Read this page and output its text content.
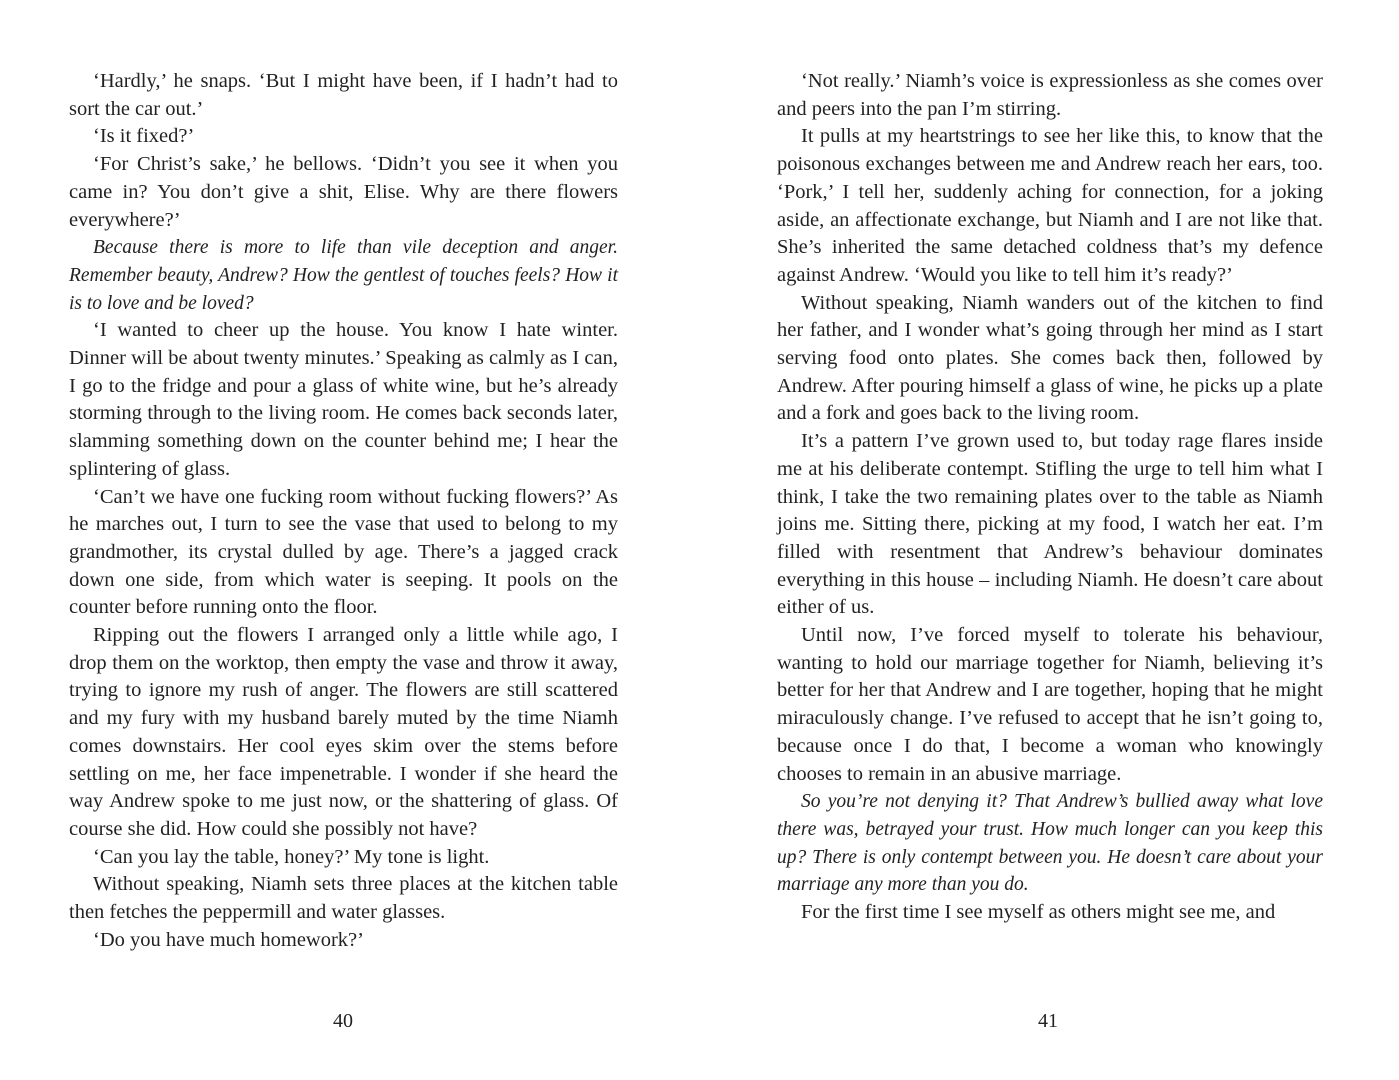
‘Hardly,’ he snaps. ‘But I might have been, if I hadn’t had to sort the car out.’

‘Is it fixed?’

‘For Christ’s sake,’ he bellows. ‘Didn’t you see it when you came in? You don’t give a shit, Elise. Why are there flowers everywhere?’

Because there is more to life than vile deception and anger. Remember beauty, Andrew? How the gentlest of touches feels? How it is to love and be loved?

‘I wanted to cheer up the house. You know I hate winter. Dinner will be about twenty minutes.’ Speaking as calmly as I can, I go to the fridge and pour a glass of white wine, but he’s already storming through to the living room. He comes back seconds later, slamming something down on the counter behind me; I hear the splintering of glass.

‘Can’t we have one fucking room without fucking flowers?’ As he marches out, I turn to see the vase that used to belong to my grandmother, its crystal dulled by age. There’s a jagged crack down one side, from which water is seeping. It pools on the counter before running onto the floor.

Ripping out the flowers I arranged only a little while ago, I drop them on the worktop, then empty the vase and throw it away, trying to ignore my rush of anger. The flowers are still scattered and my fury with my husband barely muted by the time Niamh comes downstairs. Her cool eyes skim over the stems before settling on me, her face impenetrable. I wonder if she heard the way Andrew spoke to me just now, or the shattering of glass. Of course she did. How could she possibly not have?

‘Can you lay the table, honey?’ My tone is light.

Without speaking, Niamh sets three places at the kitchen table then fetches the peppermill and water glasses.

‘Do you have much homework?’

‘Not really.’ Niamh’s voice is expressionless as she comes over and peers into the pan I’m stirring.

It pulls at my heartstrings to see her like this, to know that the poisonous exchanges between me and Andrew reach her ears, too. ‘Pork,’ I tell her, suddenly aching for connection, for a joking aside, an affectionate exchange, but Niamh and I are not like that. She’s inherited the same detached coldness that’s my defence against Andrew. ‘Would you like to tell him it’s ready?’

Without speaking, Niamh wanders out of the kitchen to find her father, and I wonder what’s going through her mind as I start serving food onto plates. She comes back then, followed by Andrew. After pouring himself a glass of wine, he picks up a plate and a fork and goes back to the living room.

It’s a pattern I’ve grown used to, but today rage flares inside me at his deliberate contempt. Stifling the urge to tell him what I think, I take the two remaining plates over to the table as Niamh joins me. Sitting there, picking at my food, I watch her eat. I’m filled with resentment that Andrew’s behaviour dominates everything in this house – including Niamh. He doesn’t care about either of us.

Until now, I’ve forced myself to tolerate his behaviour, wanting to hold our marriage together for Niamh, believing it’s better for her that Andrew and I are together, hoping that he might miraculously change. I’ve refused to accept that he isn’t going to, because once I do that, I become a woman who knowingly chooses to remain in an abusive marriage.

So you’re not denying it? That Andrew’s bullied away what love there was, betrayed your trust. How much longer can you keep this up? There is only contempt between you. He doesn’t care about your marriage any more than you do.

For the first time I see myself as others might see me, and

40	41
